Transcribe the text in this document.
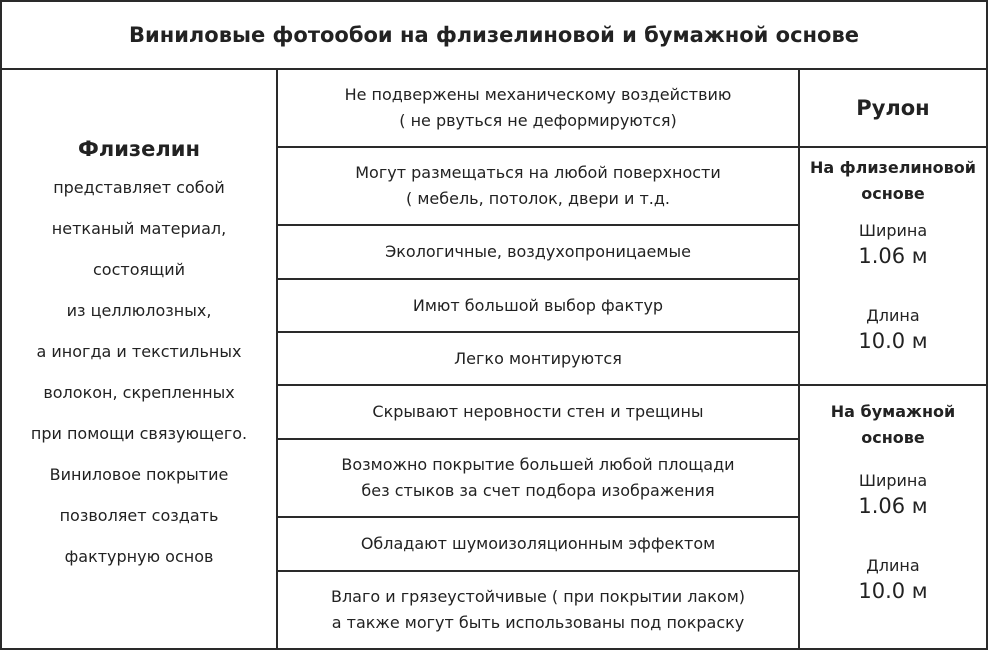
Виниловые фотообои на флизелиновой и бумажной основе
Флизелин
представляет собой
нетканый материал,
состоящий
из целлюлозных,
а иногда и текстильных
волокон, скрепленных
при помощи связующего.
Виниловое покрытие
позволяет создать
фактурную основ
Не подвержены механическому воздействию
( не рвуться не деформируются)
Могут размещаться на любой поверхности
( мебель, потолок, двери и т.д.
Экологичные, воздухопроницаемые
Имют большой выбор фактур
Легко монтируются
Скрывают неровности стен и трещины
Возможно покрытие большей любой площади
без стыков за счет подбора изображения
Обладают шумоизоляционным эффектом
Влаго и грязеустойчивые ( при покрытии лаком)
а также могут быть использованы под покраску
Рулон
На флизелиновой
основе
Ширина
1.06 м
Длина
10.0 м
На бумажной
основе
Ширина
1.06 м
Длина
10.0 м
